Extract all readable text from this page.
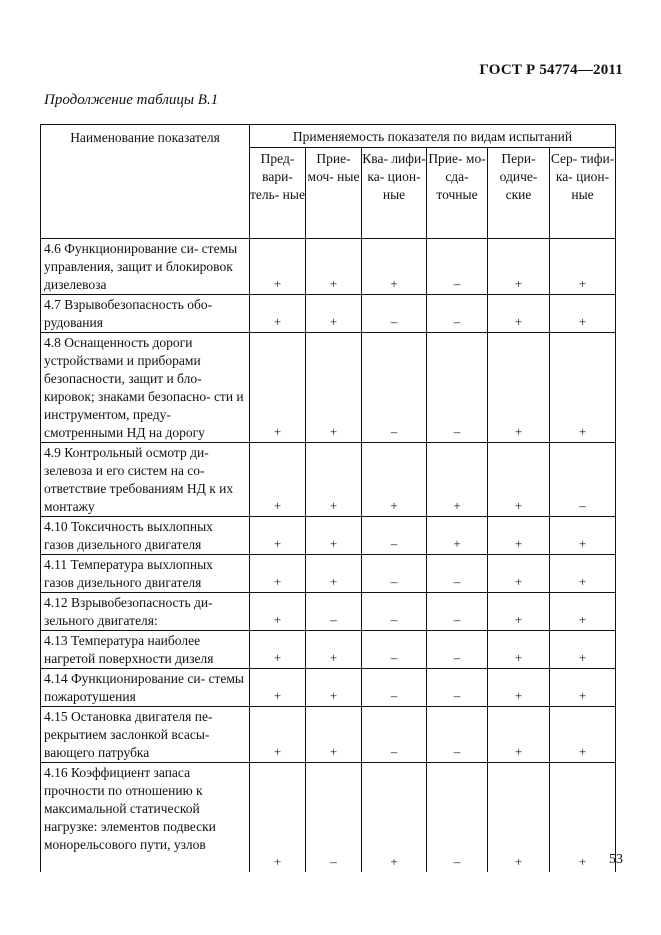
ГОСТ Р 54774—2011
Продолжение таблицы В.1
Наименование показателя	Применяемость показателя по видам испытаний					
	Пред- вари- тель- ные	Прие- моч- ные	Ква- лифи- ка- цион- ные	Прие- мо- сда- точные	Пери- одиче- ские	Сер- тифи- ка- цион- ные
4.6 Функционирование си- стемы управления, защит и блокировок дизелевоза	+	+	+	–	+	+
4.7 Взрывобезопасность обо- рудования	+	+	–	–	+	+
4.8 Оснащенность дороги устройствами и приборами безопасности, защит и бло- кировок; знаками безопасно- сти и инструментом, преду- смотренными НД на дорогу	+	+	–	–	+	+
4.9 Контрольный осмотр ди- зелевоза и его систем на со- ответствие требованиям НД к их монтажу	+	+	+	+	+	–
4.10 Токсичность выхлопных газов дизельного двигателя	+	+	–	+	+	+
4.11 Температура выхлопных газов дизельного двигателя	+	+	–	–	+	+
4.12 Взрывобезопасность ди- зельного двигателя:	+	–	–	–	+	+
4.13 Температура наиболее нагретой поверхности дизеля	+	+	–	–	+	+
4.14 Функционирование си- стемы пожаротушения	+	+	–	–	+	+
4.15 Остановка двигателя пе- рекрытием заслонкой всасы- вающего патрубка	+	+	–	–	+	+
4.16 Коэффициент запаса прочности по отношению к максимальной статической нагрузке: элементов подвески монорельсового пути, узлов	+	–	+	–	+	+ 53
